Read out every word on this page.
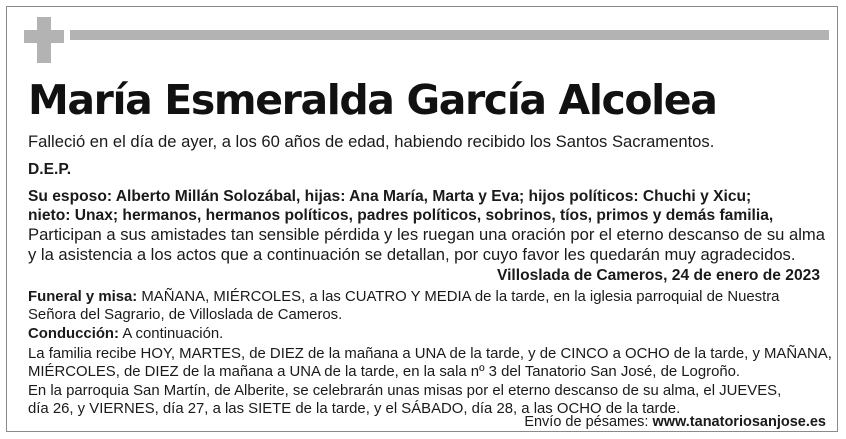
María Esmeralda García Alcolea
Falleció en el día de ayer, a los 60 años de edad, habiendo recibido los Santos Sacramentos.
D.E.P.
Su esposo: Alberto Millán Solozábal, hijas: Ana María, Marta y Eva; hijos políticos: Chuchi y Xicu;
nieto: Unax; hermanos, hermanos políticos, padres políticos, sobrinos, tíos, primos y demás familia,
Participan a sus amistades tan sensible pérdida y les ruegan una oración por el eterno descanso de su alma
y la asistencia a los actos que a continuación se detallan, por cuyo favor les quedarán muy agradecidos.
Villoslada de Cameros, 24 de enero de 2023
Funeral y misa: MAÑANA, MIÉRCOLES, a las CUATRO Y MEDIA de la tarde, en la iglesia parroquial de Nuestra
Señora del Sagrario, de Villoslada de Cameros.
Conducción: A continuación.
La familia recibe HOY, MARTES, de DIEZ de la mañana a UNA de la tarde, y de CINCO a OCHO de la tarde, y MAÑANA,
MIÉRCOLES, de DIEZ de la mañana a UNA de la tarde, en la sala nº 3 del Tanatorio San José, de Logroño.
En la parroquia San Martín, de Alberite, se celebrarán unas misas por el eterno descanso de su alma, el JUEVES,
día 26, y VIERNES, día 27, a las SIETE de la tarde, y el SÁBADO, día 28, a las OCHO de la tarde.
Envío de pésames: www.tanatoriosanjose.es
